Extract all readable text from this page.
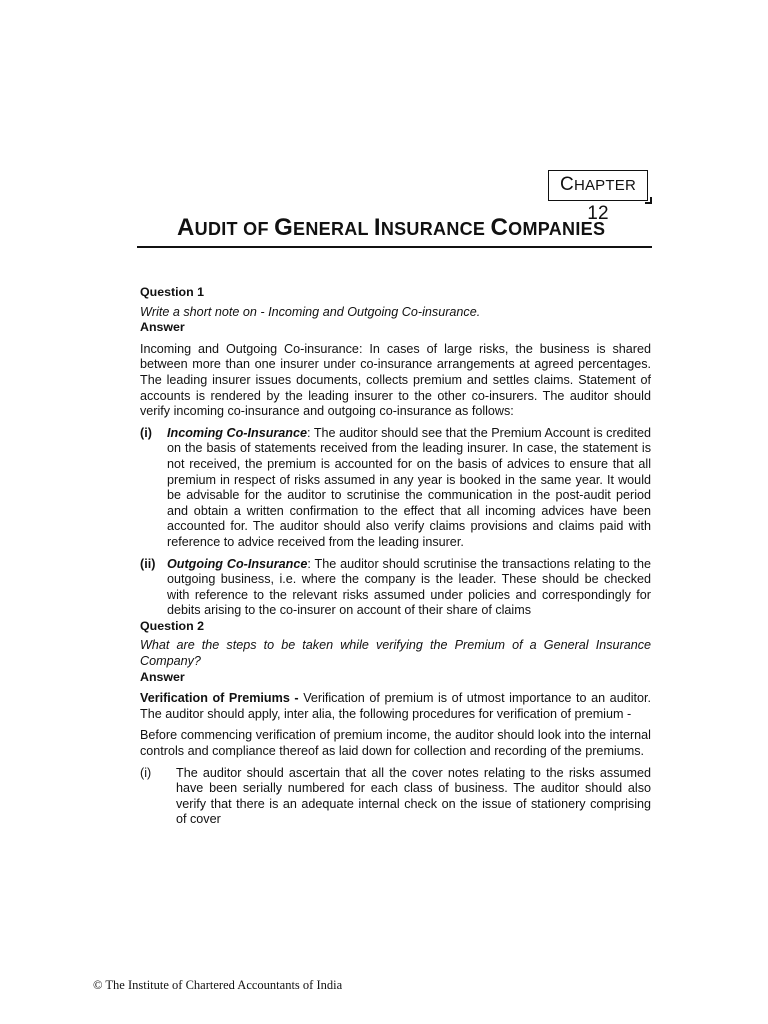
CHAPTER 12
AUDIT OF GENERAL INSURANCE COMPANIES

Question 1

Write a short note on - Incoming and Outgoing Co-insurance.

Answer

Incoming and Outgoing Co-insurance: In cases of large risks, the business is shared between more than one insurer under co-insurance arrangements at agreed percentages. The leading insurer issues documents, collects premium and settles claims. Statement of accounts is rendered by the leading insurer to the other co-insurers. The auditor should verify incoming co-insurance and outgoing co-insurance as follows:

(i) Incoming Co-Insurance: The auditor should see that the Premium Account is credited on the basis of statements received from the leading insurer. In case, the statement is not received, the premium is accounted for on the basis of advices to ensure that all premium in respect of risks assumed in any year is booked in the same year. It would be advisable for the auditor to scrutinise the communication in the post-audit period and obtain a written confirmation to the effect that all incoming advices have been accounted for. The auditor should also verify claims provisions and claims paid with reference to advice received from the leading insurer.
(ii) Outgoing Co-Insurance: The auditor should scrutinise the transactions relating to the outgoing business, i.e. where the company is the leader. These should be checked with reference to the relevant risks assumed under policies and correspondingly for debits arising to the co-insurer on account of their share of claims

Question 2

What are the steps to be taken while verifying the Premium of a General Insurance Company?

Answer

Verification of Premiums - Verification of premium is of utmost importance to an auditor. The auditor should apply, inter alia, the following procedures for verification of premium -

Before commencing verification of premium income, the auditor should look into the internal controls and compliance thereof as laid down for collection and recording of the premiums.

(i) The auditor should ascertain that all the cover notes relating to the risks assumed have been serially numbered for each class of business. The auditor should also verify that there is an adequate internal check on the issue of stationery comprising of cover
© The Institute of Chartered Accountants of India
